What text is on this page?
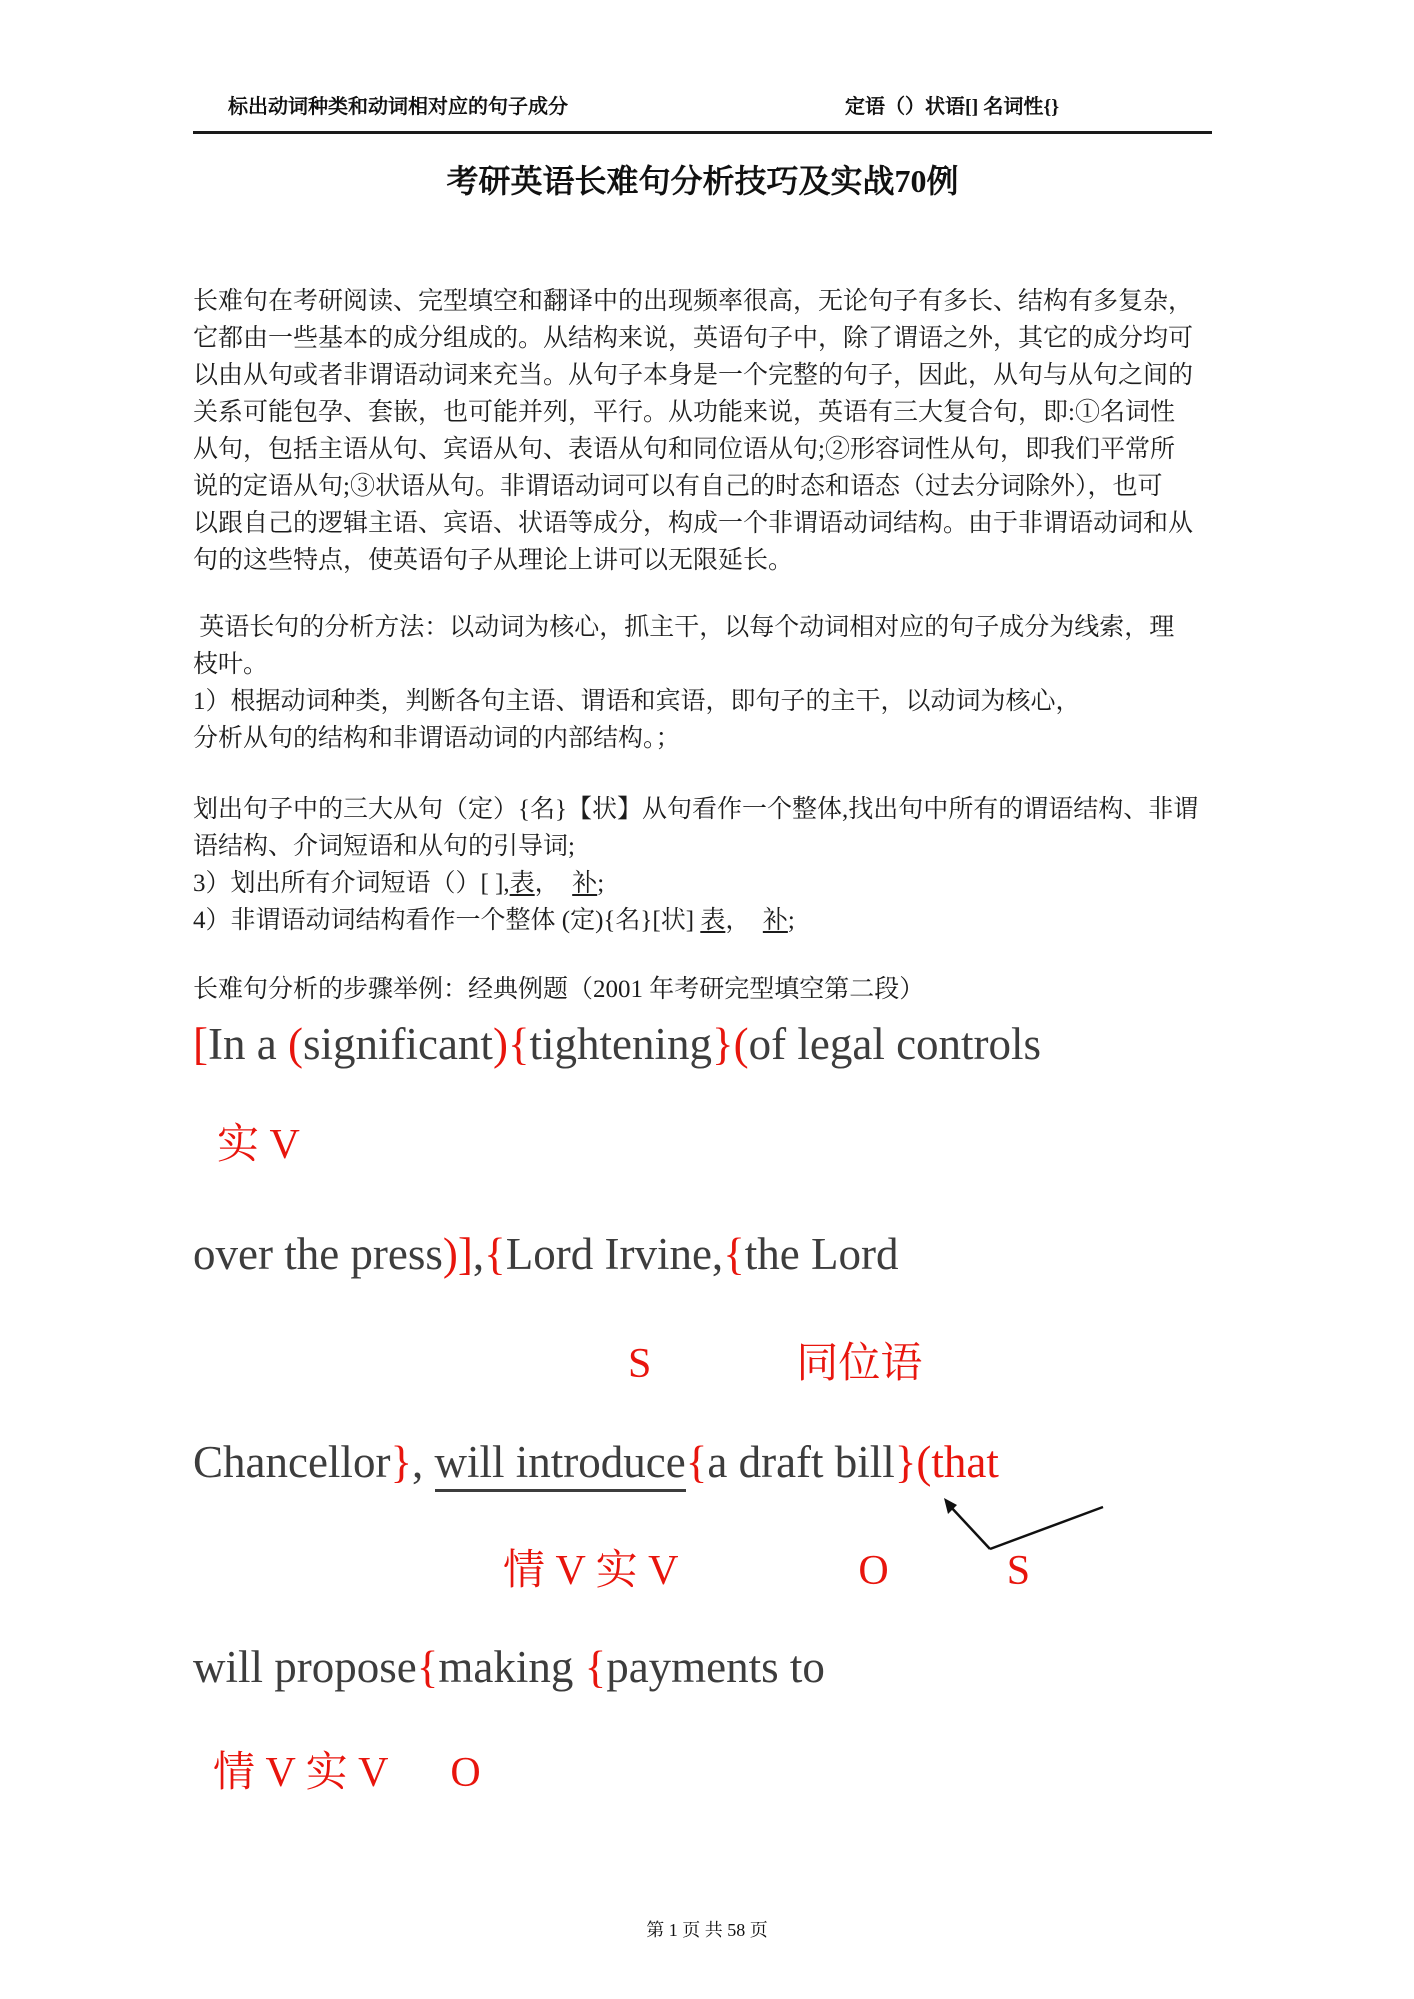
标出动词种类和动词相对应的句子成分	定语（）状语[] 名词性{}
考研英语长难句分析技巧及实战70例
长难句在考研阅读、完型填空和翻译中的出现频率很高，无论句子有多长、结构有多复杂，
它都由一些基本的成分组成的。从结构来说，英语句子中，除了谓语之外，其它的成分均可
以由从句或者非谓语动词来充当。从句子本身是一个完整的句子，因此，从句与从句之间的
关系可能包孕、套嵌，也可能并列，平行。从功能来说，英语有三大复合句，即:①名词性
从句，包括主语从句、宾语从句、表语从句和同位语从句;②形容词性从句，即我们平常所
说的定语从句;③状语从句。非谓语动词可以有自己的时态和语态（过去分词除外），也可
以跟自己的逻辑主语、宾语、状语等成分，构成一个非谓语动词结构。由于非谓语动词和从
句的这些特点，使英语句子从理论上讲可以无限延长。
英语长句的分析方法：以动词为核心，抓主干，以每个动词相对应的句子成分为线索，理
枝叶。
1）根据动词种类，判断各句主语、谓语和宾语，即句子的主干，以动词为核心，
分析从句的结构和非谓语动词的内部结构。；
划出句子中的三大从句（定）{名}【状】从句看作一个整体,找出句中所有的谓语结构、非谓
语结构、介词短语和从句的引导词;
3）划出所有介词短语（）[ ],表，  补;
4）非谓语动词结构看作一个整体 (定){名}[状] 表，  补;
长难句分析的步骤举例：经典例题（2001 年考研完型填空第二段）
[In a (significant){tightening}(of legal controls
实 V
over the press)],{Lord Irvine,{the Lord
S	同位语
Chancellor}, will introduce{a draft bill}(that
情 V 实 V	O	S
will propose{making {payments to
情 V 实 V O
第 1 页 共 58 页
